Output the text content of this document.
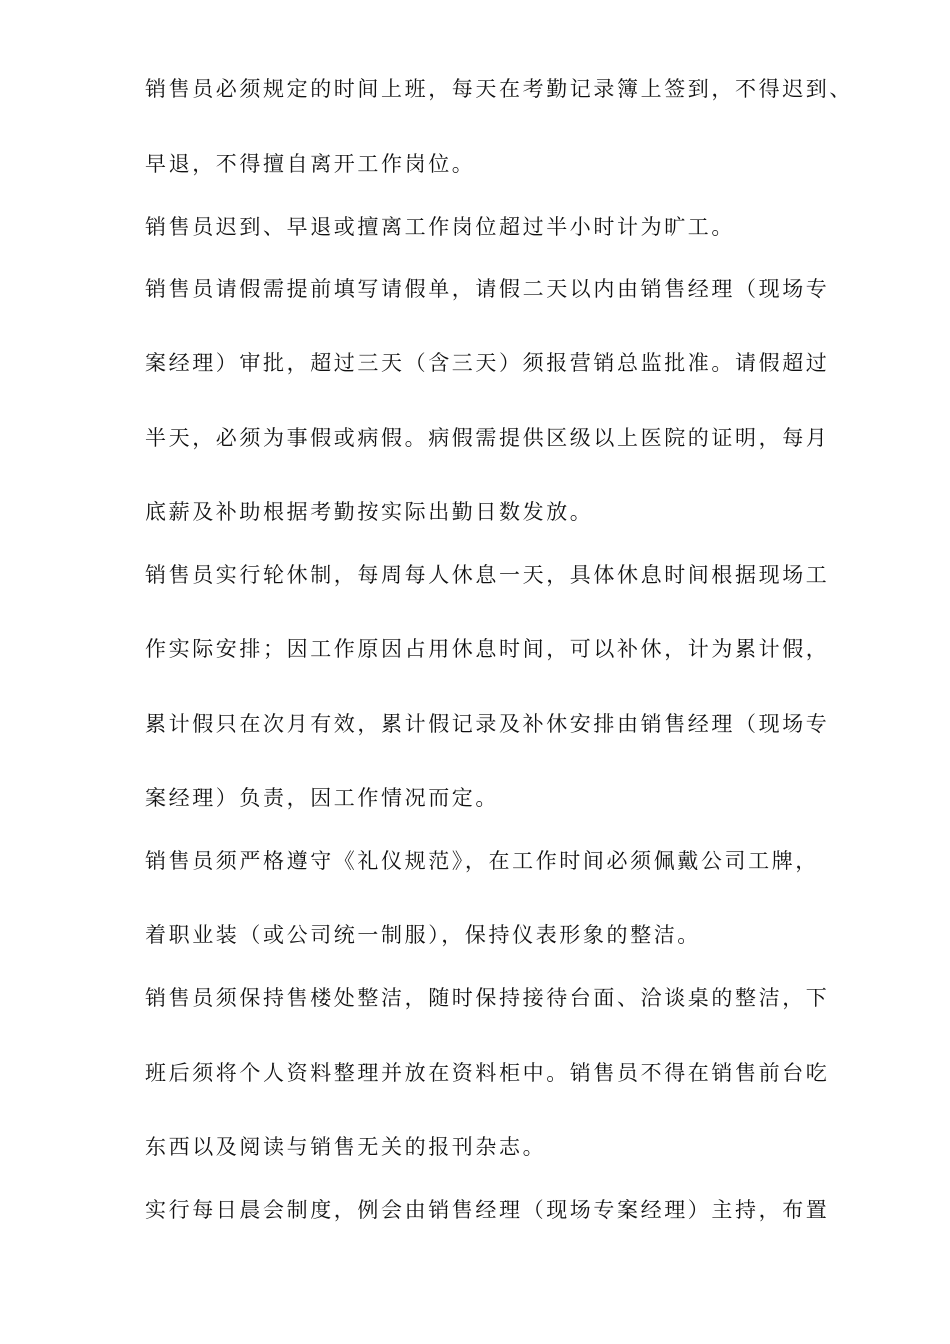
销售员必须规定的时间上班，每天在考勤记录簿上签到，不得迟到、
早退，不得擅自离开工作岗位。
销售员迟到、早退或擅离工作岗位超过半小时计为旷工。
销售员请假需提前填写请假单，请假二天以内由销售经理（现场专
案经理）审批，超过三天（含三天）须报营销总监批准。请假超过
半天，必须为事假或病假。病假需提供区级以上医院的证明，每月
底薪及补助根据考勤按实际出勤日数发放。
销售员实行轮休制，每周每人休息一天，具体休息时间根据现场工
作实际安排；因工作原因占用休息时间，可以补休，计为累计假，
累计假只在次月有效，累计假记录及补休安排由销售经理（现场专
案经理）负责，因工作情况而定。
销售员须严格遵守《礼仪规范》，在工作时间必须佩戴公司工牌，
着职业装（或公司统一制服），保持仪表形象的整洁。
销售员须保持售楼处整洁，随时保持接待台面、洽谈桌的整洁，下
班后须将个人资料整理并放在资料柜中。销售员不得在销售前台吃
东西以及阅读与销售无关的报刊杂志。
实行每日晨会制度，例会由销售经理（现场专案经理）主持，布置
